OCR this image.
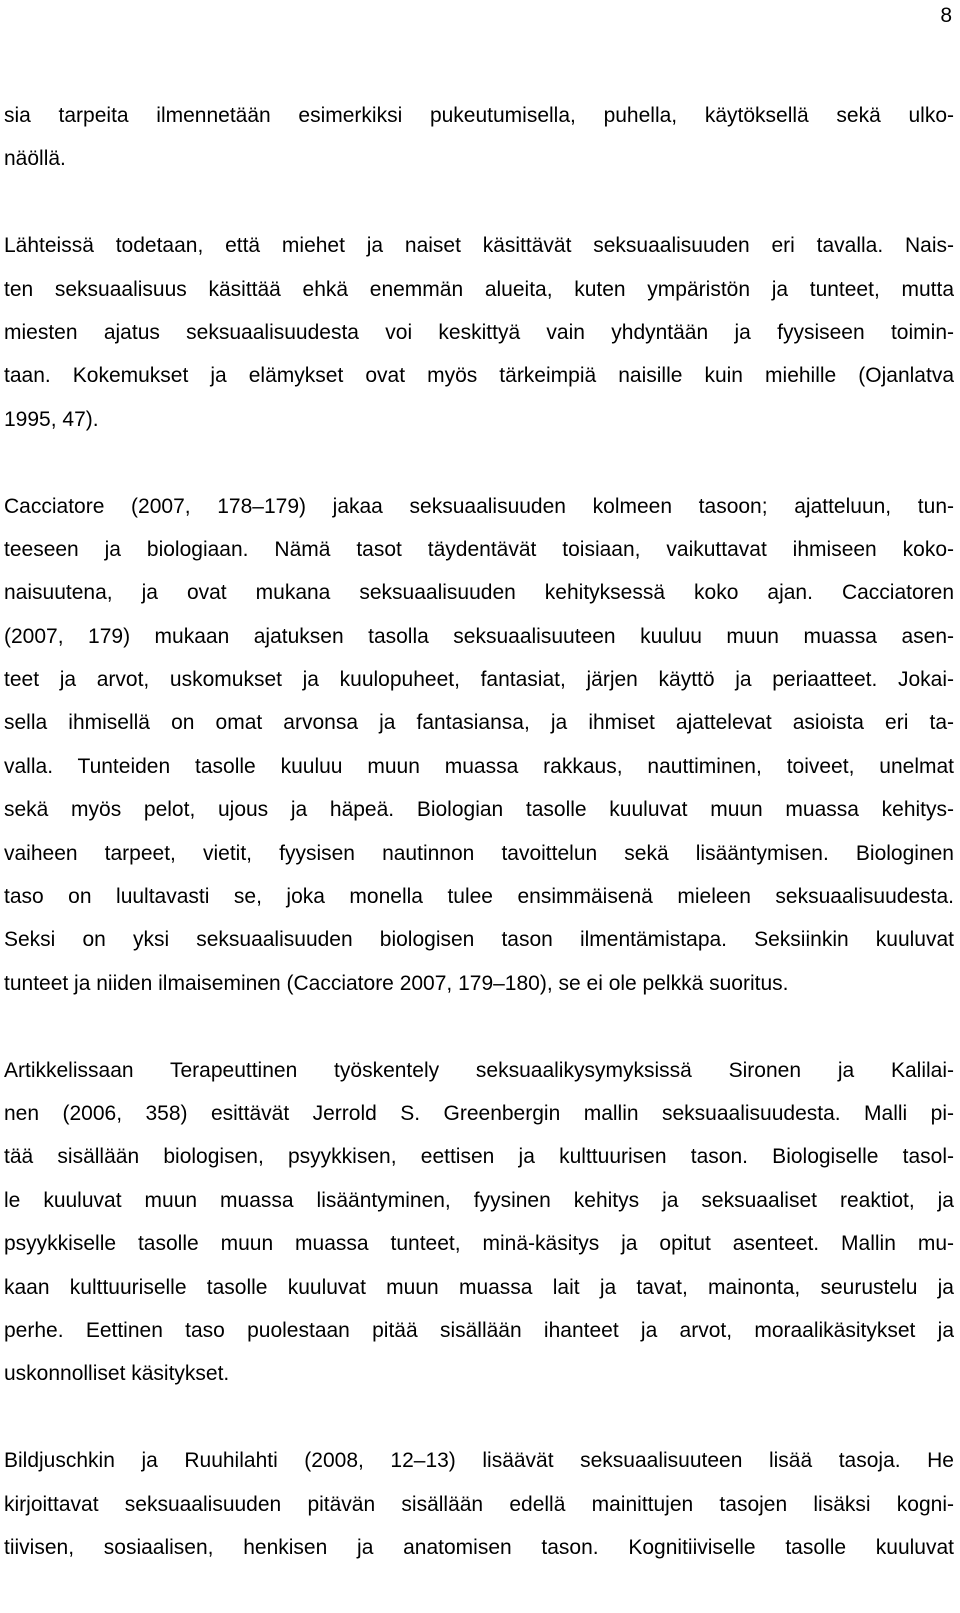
8
sia tarpeita ilmennetään esimerkiksi pukeutumisella, puhella, käytöksellä sekä ulko-
näöllä.
Lähteissä todetaan, että miehet ja naiset käsittävät seksuaalisuuden eri tavalla. Nais-
ten seksuaalisuus käsittää ehkä enemmän alueita, kuten ympäristön ja tunteet, mutta
miesten ajatus seksuaalisuudesta voi keskittyä vain yhdyntään ja fyysiseen toimin-
taan. Kokemukset ja elämykset ovat myös tärkeimpiä naisille kuin miehille (Ojanlatva
1995, 47).
Cacciatore (2007, 178–179) jakaa seksuaalisuuden kolmeen tasoon; ajatteluun, tun-
teeseen ja biologiaan. Nämä tasot täydentävät toisiaan, vaikuttavat ihmiseen koko-
naisuutena, ja ovat mukana seksuaalisuuden kehityksessä koko ajan. Cacciatoren
(2007, 179) mukaan ajatuksen tasolla seksuaalisuuteen kuuluu muun muassa asen-
teet ja arvot, uskomukset ja kuulopuheet, fantasiat, järjen käyttö ja periaatteet. Jokai-
sella ihmisellä on omat arvonsa ja fantasiansa, ja ihmiset ajattelevat asioista eri ta-
valla. Tunteiden tasolle kuuluu muun muassa rakkaus, nauttiminen, toiveet, unelmat
sekä myös pelot, ujous ja häpeä. Biologian tasolle kuuluvat muun muassa kehitys-
vaiheen tarpeet, vietit, fyysisen nautinnon tavoittelun sekä lisääntymisen. Biologinen
taso on luultavasti se, joka monella tulee ensimmäisenä mieleen seksuaalisuudesta.
Seksi on yksi seksuaalisuuden biologisen tason ilmentämistapa. Seksiinkin kuuluvat
tunteet ja niiden ilmaiseminen (Cacciatore 2007, 179–180), se ei ole pelkkä suoritus.
Artikkelissaan Terapeuttinen työskentely seksuaalikysymyksissä Sironen ja Kalilai-
nen (2006, 358) esittävät Jerrold S. Greenbergin mallin seksuaalisuudesta. Malli pi-
tää sisällään biologisen, psyykkisen, eettisen ja kulttuurisen tason. Biologiselle tasol-
le kuuluvat muun muassa lisääntyminen, fyysinen kehitys ja seksuaaliset reaktiot, ja
psyykkiselle tasolle muun muassa tunteet, minä-käsitys ja opitut asenteet. Mallin mu-
kaan kulttuuriselle tasolle kuuluvat muun muassa lait ja tavat, mainonta, seurustelu ja
perhe. Eettinen taso puolestaan pitää sisällään ihanteet ja arvot, moraalikäsitykset ja
uskonnolliset käsitykset.
Bildjuschkin ja Ruuhilahti (2008, 12–13) lisäävät seksuaalisuuteen lisää tasoja. He
kirjoittavat seksuaalisuuden pitävän sisällään edellä mainittujen tasojen lisäksi kogni-
tiivisen, sosiaalisen, henkisen ja anatomisen tason. Kognitiiviselle tasolle kuuluvat
